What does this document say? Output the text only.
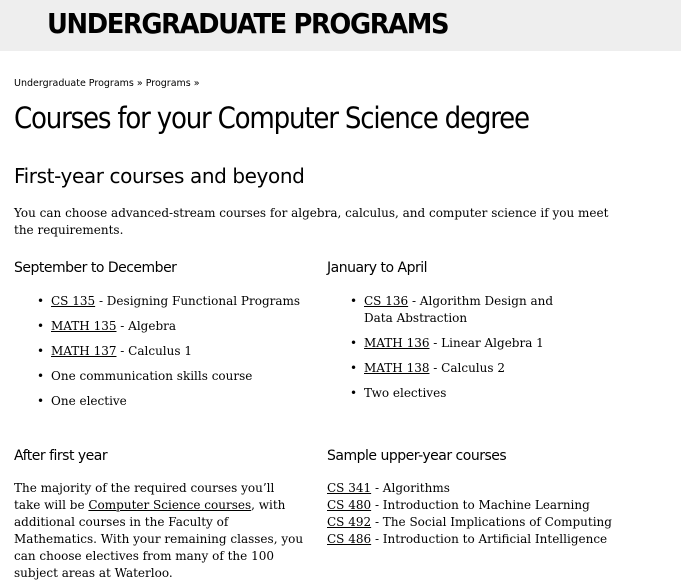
UNDERGRADUATE PROGRAMS
Undergraduate Programs » Programs »
Courses for your Computer Science degree
First-year courses and beyond

You can choose advanced-stream courses for algebra, calculus, and computer science if you meet the requirements.

September to December
• CS 135 - Designing Functional Programs
• MATH 135 - Algebra
• MATH 137 - Calculus 1
• One communication skills course
• One elective
January to April
• CS 136 - Algorithm Design and Data Abstraction
• MATH 136 - Linear Algebra 1
• MATH 138 - Calculus 2
• Two electives
After first year

The majority of the required courses you’ll take will be Computer Science courses, with additional courses in the Faculty of Mathematics. With your remaining classes, you can choose electives from many of the 100 subject areas at Waterloo.

Sample upper-year courses
CS 341 - Algorithms
CS 480 - Introduction to Machine Learning
CS 492 - The Social Implications of Computing
CS 486 - Introduction to Artificial Intelligence
